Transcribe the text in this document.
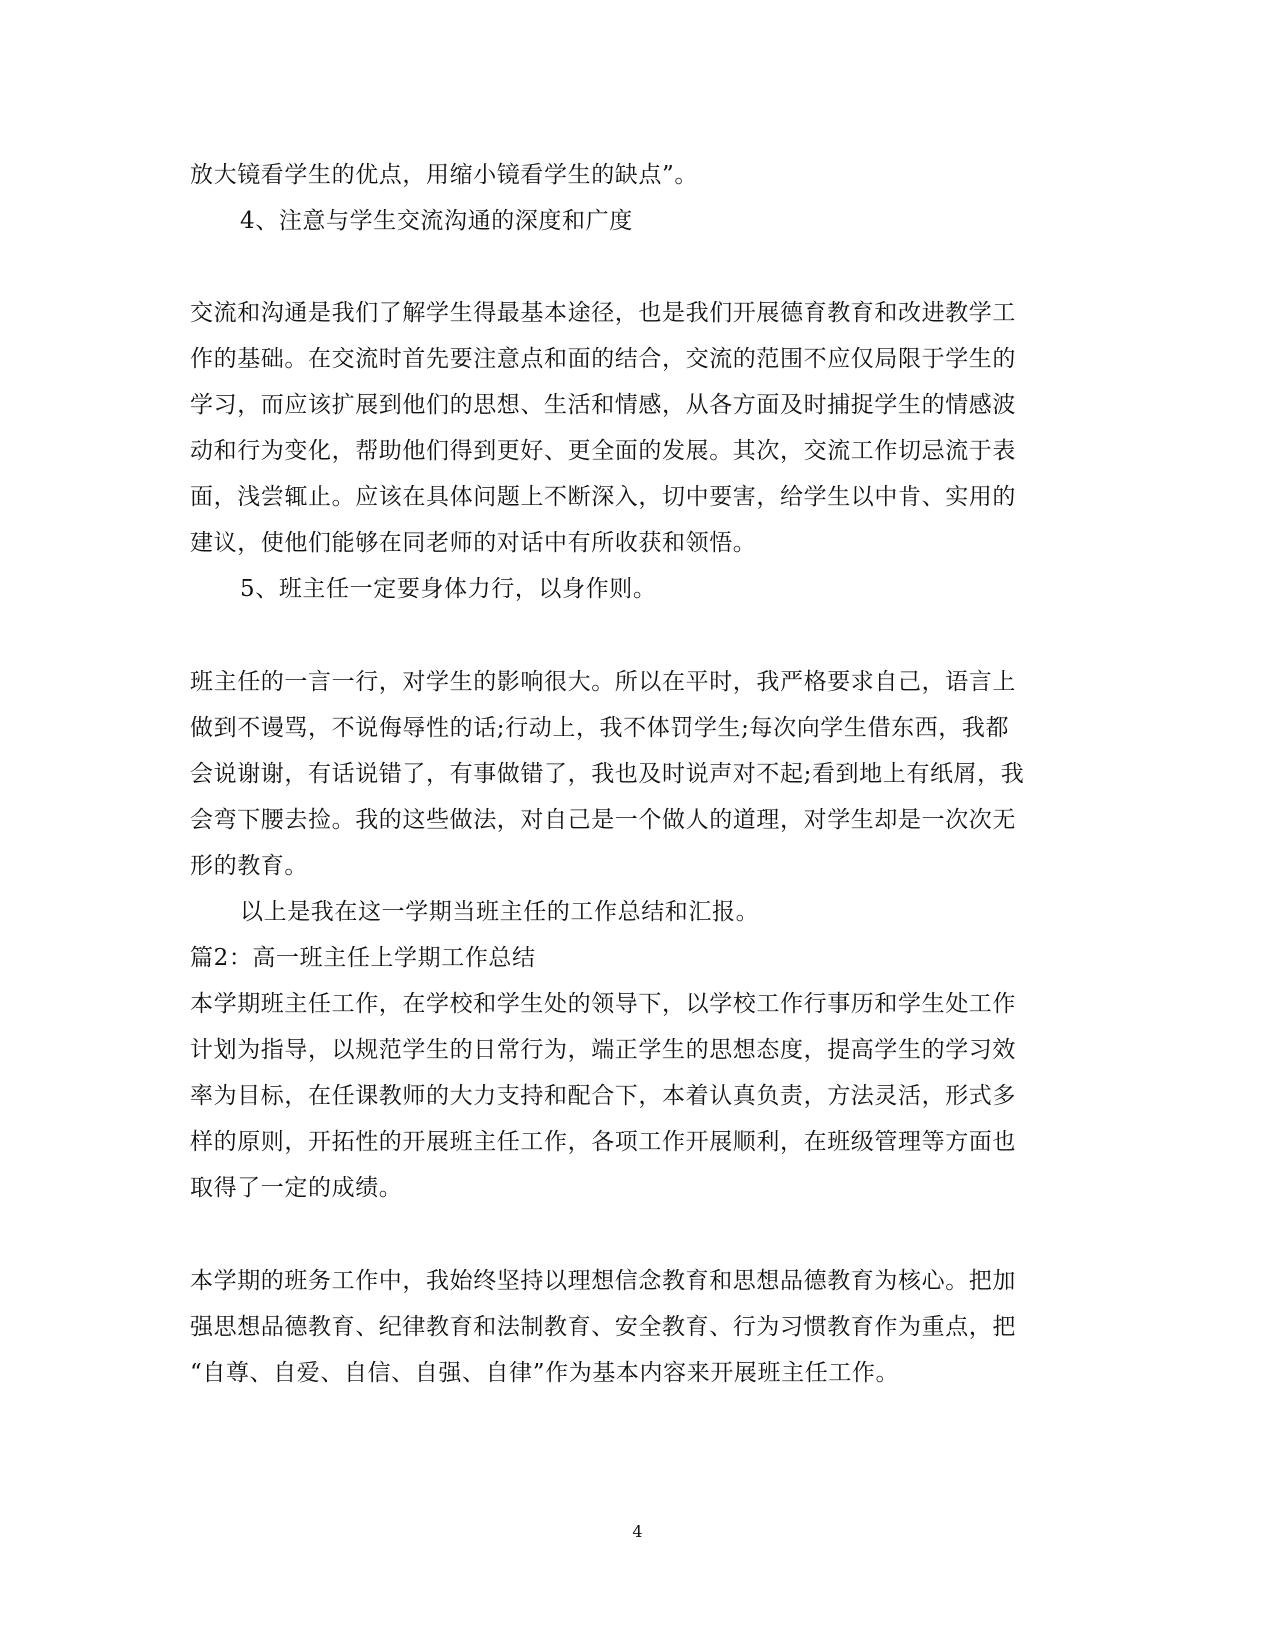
放大镜看学生的优点，用缩小镜看学生的缺点”。
4、注意与学生交流沟通的深度和广度
交流和沟通是我们了解学生得最基本途径，也是我们开展德育教育和改进教学工
作的基础。在交流时首先要注意点和面的结合，交流的范围不应仅局限于学生的
学习，而应该扩展到他们的思想、生活和情感，从各方面及时捕捉学生的情感波
动和行为变化，帮助他们得到更好、更全面的发展。其次，交流工作切忌流于表
面，浅尝辄止。应该在具体问题上不断深入，切中要害，给学生以中肯、实用的
建议，使他们能够在同老师的对话中有所收获和领悟。
5、班主任一定要身体力行，以身作则。
班主任的一言一行，对学生的影响很大。所以在平时，我严格要求自己，语言上
做到不谩骂，不说侮辱性的话;行动上，我不体罚学生;每次向学生借东西，我都
会说谢谢，有话说错了，有事做错了，我也及时说声对不起;看到地上有纸屑，我
会弯下腰去捡。我的这些做法，对自己是一个做人的道理，对学生却是一次次无
形的教育。
以上是我在这一学期当班主任的工作总结和汇报。
篇2：高一班主任上学期工作总结
本学期班主任工作，在学校和学生处的领导下，以学校工作行事历和学生处工作
计划为指导，以规范学生的日常行为，端正学生的思想态度，提高学生的学习效
率为目标，在任课教师的大力支持和配合下，本着认真负责，方法灵活，形式多
样的原则，开拓性的开展班主任工作，各项工作开展顺利，在班级管理等方面也
取得了一定的成绩。
本学期的班务工作中，我始终坚持以理想信念教育和思想品德教育为核心。把加
强思想品德教育、纪律教育和法制教育、安全教育、行为习惯教育作为重点，把
“自尊、自爱、自信、自强、自律”作为基本内容来开展班主任工作。
4
